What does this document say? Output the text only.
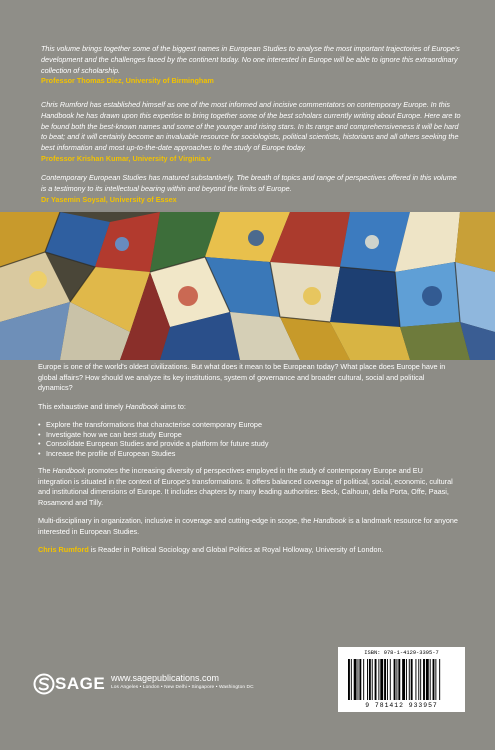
This volume brings together some of the biggest names in European Studies to analyse the most important trajectories of Europe's development and the challenges faced by the continent today. No one interested in Europe will be able to ignore this extraordinary collection of scholarship.

Professor Thomas Diez, University of Birmingham

Chris Rumford has established himself as one of the most informed and incisive commentators on contemporary Europe. In this Handbook he has drawn upon this expertise to bring together some of the best scholars currently writing about Europe. Here are to be found both the best-known names and some of the younger and rising stars. In its range and comprehensiveness it will be hard to beat; and it will certainly become an invaluable resource for sociologists, political scientists, historians and all others seeking the best information and most up-to-the-date approaches to the study of Europe today.

Professor Krishan Kumar, University of Virginia.v

Contemporary European Studies has matured substantively. The breath of topics and range of perspectives offered in this volume is a testimony to its intellectual bearing within and beyond the limits of Europe.

Dr Yasemin Soysal, University of Essex

Europe is one of the world's oldest civilizations. But what does it mean to be European today? What place does Europe have in global affairs? How should we analyze its key institutions, system of governance and broader cultural, social and political dynamics?

This exhaustive and timely Handbook aims to:

• Explore the transformations that characterise contemporary Europe
• Investigate how we can best study Europe
• Consolidate European Studies and provide a platform for future study
• Increase the profile of European Studies

The Handbook promotes the increasing diversity of perspectives employed in the study of contemporary Europe and EU integration is situated in the context of Europe's transformations. It offers balanced coverage of political, social, economic, cultural and institutional dimensions of Europe. It includes chapters by many leading authorities: Beck, Calhoun, della Porta, Offe, Paasi, Rosamond and Tilly.

Multi-disciplinary in organization, inclusive in coverage and cutting-edge in scope, the Handbook is a landmark resource for anyone interested in European Studies.

Chris Rumford is Reader in Political Sociology and Global Politics at Royal Holloway, University of London.

SAGE www.sagepublications.com
Los Angeles • London • New Delhi • Singapore • Washington DC
ISBN: 978-1-4129-3395-7
9 781412 933957
